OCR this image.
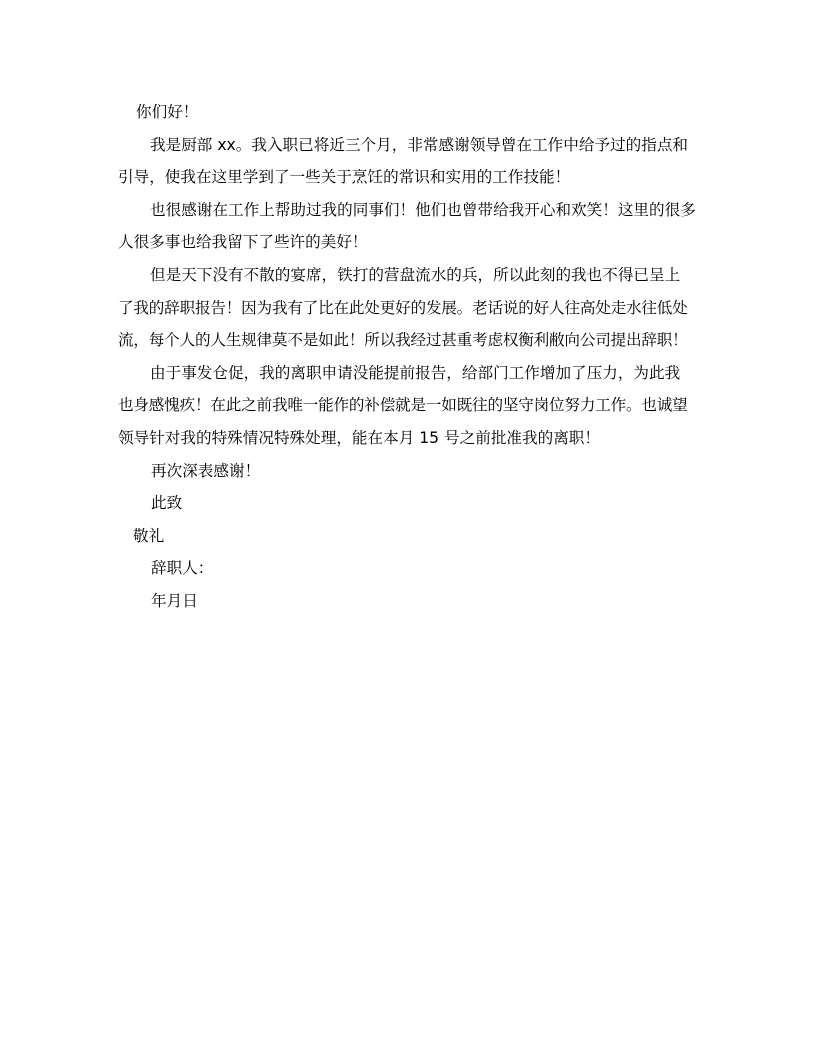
你们好！
我是厨部 xx。我入职已将近三个月，非常感谢领导曾在工作中给予过的指点和
引导，使我在这里学到了一些关于烹饪的常识和实用的工作技能！
也很感谢在工作上帮助过我的同事们！他们也曾带给我开心和欢笑！这里的很多
人很多事也给我留下了些许的美好！
但是天下没有不散的宴席，铁打的营盘流水的兵，所以此刻的我也不得已呈上
了我的辞职报告！因为我有了比在此处更好的发展。老话说的好人往高处走水往低处
流，每个人的人生规律莫不是如此！所以我经过甚重考虑权衡利敝向公司提出辞职！
由于事发仓促，我的离职申请没能提前报告，给部门工作增加了压力，为此我
也身感愧疚！在此之前我唯一能作的补偿就是一如既往的坚守岗位努力工作。也诚望
领导针对我的特殊情况特殊处理，能在本月 15 号之前批准我的离职！
再次深表感谢！
此致
敬礼
辞职人：
年月日
